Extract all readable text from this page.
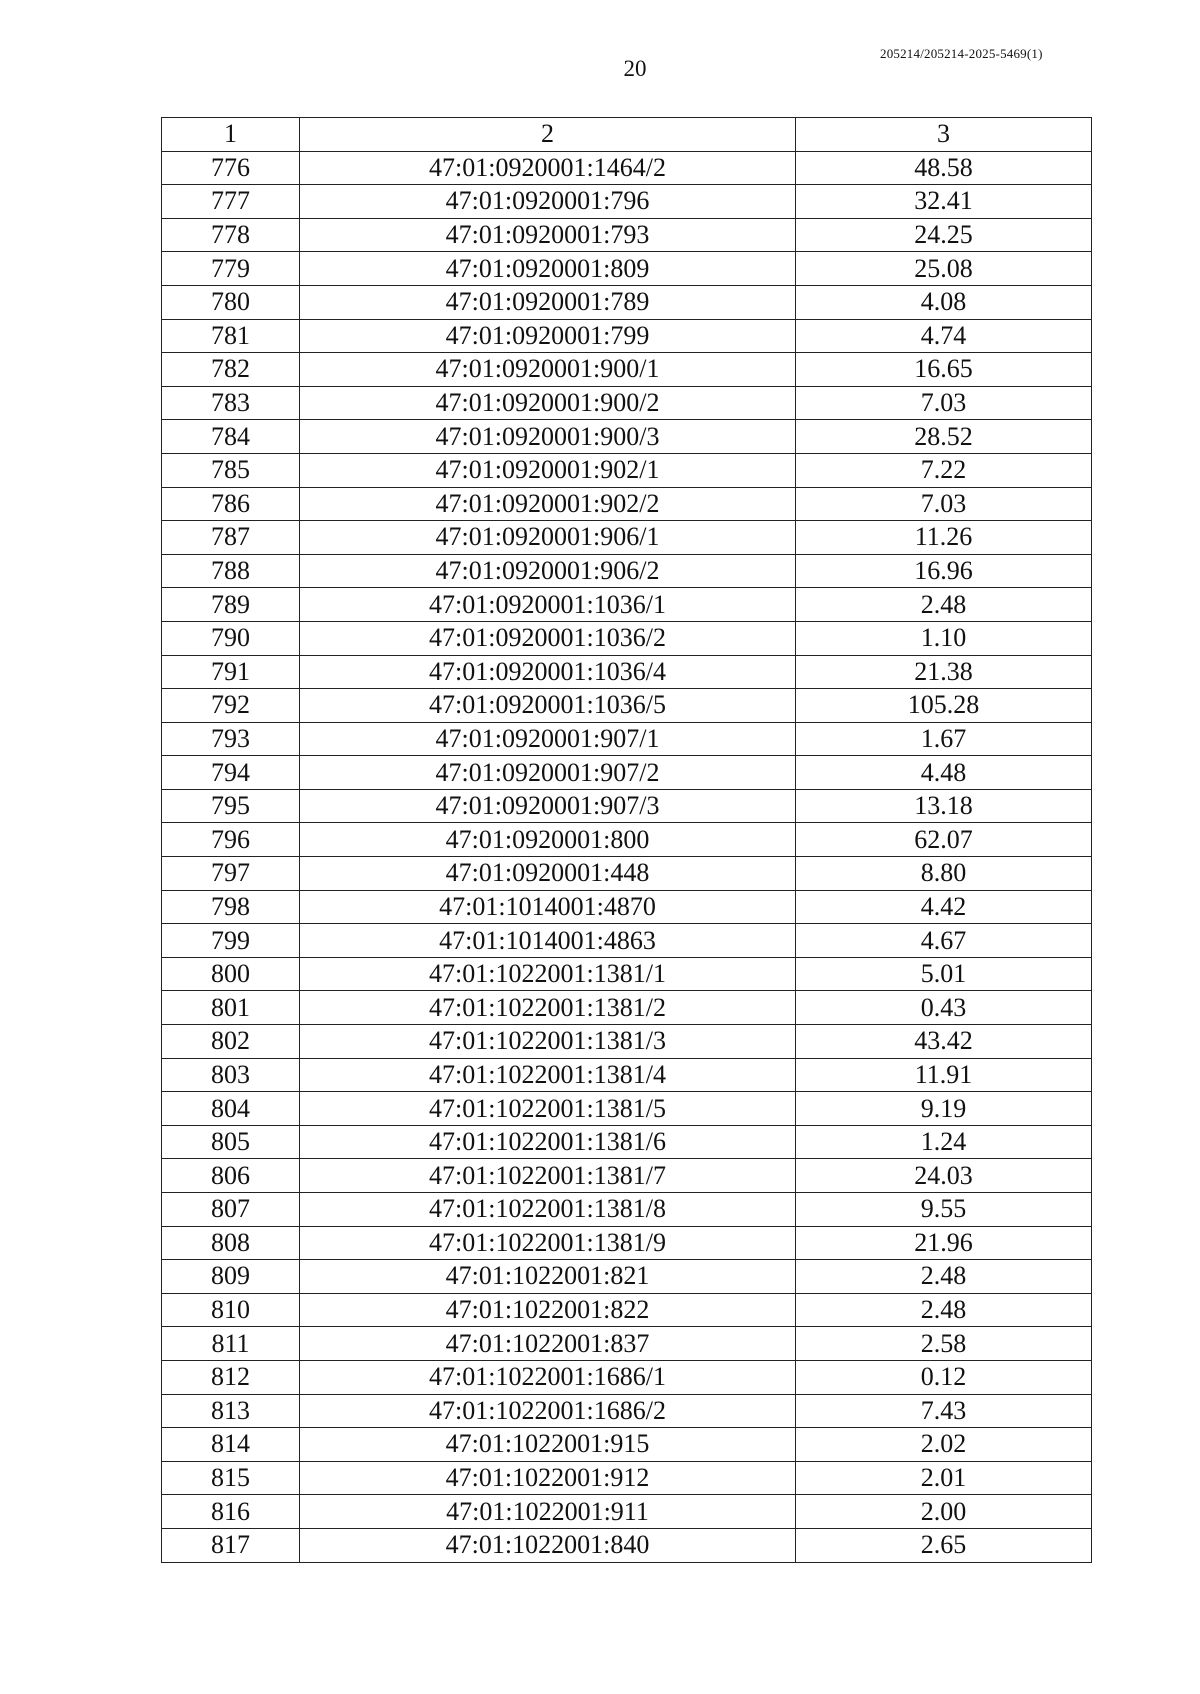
20
205214/205214-2025-5469(1)
1	2	3
776	47:01:0920001:1464/2	48.58
777	47:01:0920001:796	32.41
778	47:01:0920001:793	24.25
779	47:01:0920001:809	25.08
780	47:01:0920001:789	4.08
781	47:01:0920001:799	4.74
782	47:01:0920001:900/1	16.65
783	47:01:0920001:900/2	7.03
784	47:01:0920001:900/3	28.52
785	47:01:0920001:902/1	7.22
786	47:01:0920001:902/2	7.03
787	47:01:0920001:906/1	11.26
788	47:01:0920001:906/2	16.96
789	47:01:0920001:1036/1	2.48
790	47:01:0920001:1036/2	1.10
791	47:01:0920001:1036/4	21.38
792	47:01:0920001:1036/5	105.28
793	47:01:0920001:907/1	1.67
794	47:01:0920001:907/2	4.48
795	47:01:0920001:907/3	13.18
796	47:01:0920001:800	62.07
797	47:01:0920001:448	8.80
798	47:01:1014001:4870	4.42
799	47:01:1014001:4863	4.67
800	47:01:1022001:1381/1	5.01
801	47:01:1022001:1381/2	0.43
802	47:01:1022001:1381/3	43.42
803	47:01:1022001:1381/4	11.91
804	47:01:1022001:1381/5	9.19
805	47:01:1022001:1381/6	1.24
806	47:01:1022001:1381/7	24.03
807	47:01:1022001:1381/8	9.55
808	47:01:1022001:1381/9	21.96
809	47:01:1022001:821	2.48
810	47:01:1022001:822	2.48
811	47:01:1022001:837	2.58
812	47:01:1022001:1686/1	0.12
813	47:01:1022001:1686/2	7.43
814	47:01:1022001:915	2.02
815	47:01:1022001:912	2.01
816	47:01:1022001:911	2.00
817	47:01:1022001:840	2.65
